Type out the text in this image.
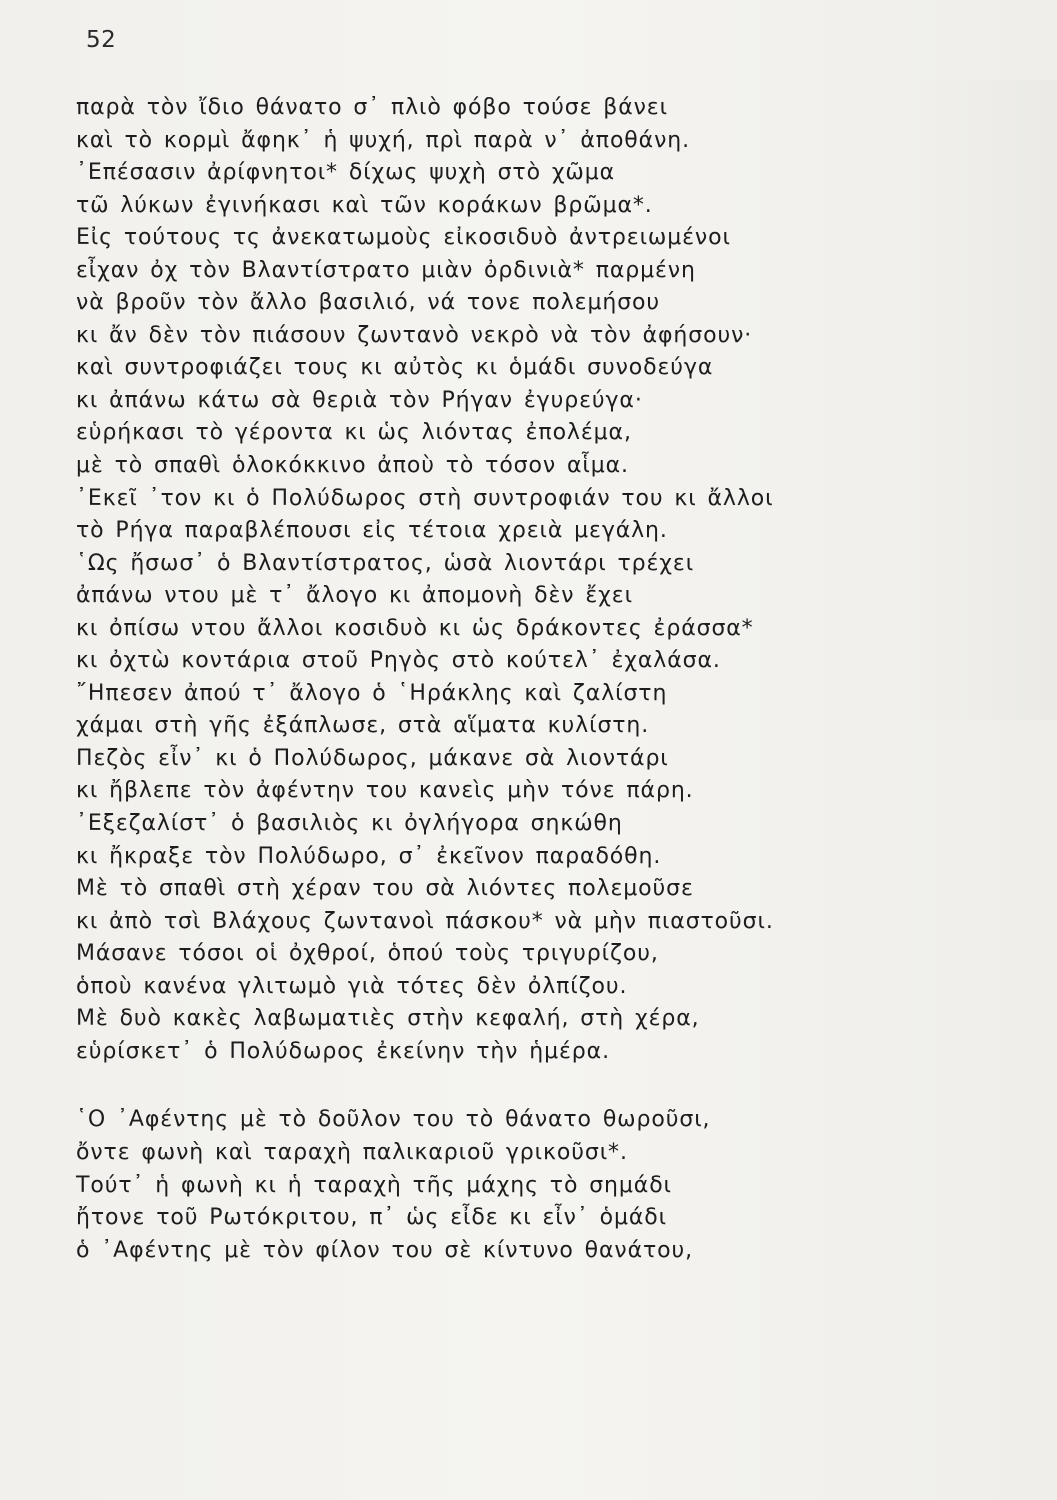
52
παρὰ τὸν ἴδιο θάνατο σ᾽ πλιὸ φόβο τούσε βάνει
καὶ τὸ κορμὶ ἄφηκ᾽ ἡ ψυχή, πρὶ παρὰ ν᾽ ἀποθάνη.
᾽Επέσασιν ἀρίφνητοι* δίχως ψυχὴ στὸ χῶμα
τῶ λύκων ἐγινήκασι καὶ τῶν κοράκων βρῶμα*.
Εἰς τούτους τς ἀνεκατωμοὺς εἰκοσιδυὸ ἀντρειωμένοι
εἶχαν ὀχ τὸν Βλαντίστρατο μιὰν ὀρδινιὰ* παρμένη
νὰ βροῦν τὸν ἄλλο βασιλιό, νά τονε πολεμήσου
κι ἄν δὲν τὸν πιάσουν ζωντανὸ νεκρὸ νὰ τὸν ἀφήσουν·
καὶ συντροφιάζει τους κι αὐτὸς κι ὁμάδι συνοδεύγα
κι ἀπάνω κάτω σὰ θεριὰ τὸν Ρήγαν ἐγυρεύγα·
εὑρήκασι τὸ γέροντα κι ὡς λιόντας ἐπολέμα,
μὲ τὸ σπαθὶ ὁλοκόκκινο ἀποὺ τὸ τόσον αἷμα.
᾽Εκεῖ ᾽τον κι ὁ Πολύδωρος στὴ συντροφιάν του κι ἄλλοι
τὸ Ρήγα παραβλέπουσι εἰς τέτοια χρειὰ μεγάλη.
῾Ως ἤσωσ᾽ ὁ Βλαντίστρατος, ὡσὰ λιοντάρι τρέχει
ἀπάνω ντου μὲ τ᾽ ἄλογο κι ἀπομονὴ δὲν ἔχει
κι ὀπίσω ντου ἄλλοι κοσιδυὸ κι ὡς δράκοντες ἐράσσα*
κι ὀχτὼ κοντάρια στοῦ Ρηγὸς στὸ κούτελ᾽ ἐχαλάσα.
῎Ηπεσεν ἀπού τ᾽ ἄλογο ὁ ῾Ηράκλης καὶ ζαλίστη
χάμαι στὴ γῆς ἐξάπλωσε, στὰ αἵματα κυλίστη.
Πεζὸς εἶν᾽ κι ὁ Πολύδωρος, μάκανε σὰ λιοντάρι
κι ἤβλεπε τὸν ἀφέντην του κανεὶς μὴν τόνε πάρη.
᾽Εξεζαλίστ᾽ ὁ βασιλιὸς κι ὀγλήγορα σηκώθη
κι ἤκραξε τὸν Πολύδωρο, σ᾽ ἐκεῖνον παραδόθη.
Μὲ τὸ σπαθὶ στὴ χέραν του σὰ λιόντες πολεμοῦσε
κι ἀπὸ τσὶ Βλάχους ζωντανοὶ πάσκου* νὰ μὴν πιαστοῦσι.
Μάσανε τόσοι οἱ ὀχθροί, ὁπού τοὺς τριγυρίζου,
ὁποὺ κανένα γλιτωμὸ γιὰ τότες δὲν ὀλπίζου.
Μὲ δυὸ κακὲς λαβωματιὲς στὴν κεφαλή, στὴ χέρα,
εὑρίσκετ᾽ ὁ Πολύδωρος ἐκείνην τὴν ἡμέρα.
῾Ο ᾽Αφέντης μὲ τὸ δοῦλον του τὸ θάνατο θωροῦσι,
ὄντε φωνὴ καὶ ταραχὴ παλικαριοῦ γρικοῦσι*.
Τούτ᾽ ἡ φωνὴ κι ἡ ταραχὴ τῆς μάχης τὸ σημάδι
ἤτονε τοῦ Ρωτόκριτου, π᾽ ὡς εἶδε κι εἶν᾽ ὁμάδι
ὁ ᾽Αφέντης μὲ τὸν φίλον του σὲ κίντυνο θανάτου,
